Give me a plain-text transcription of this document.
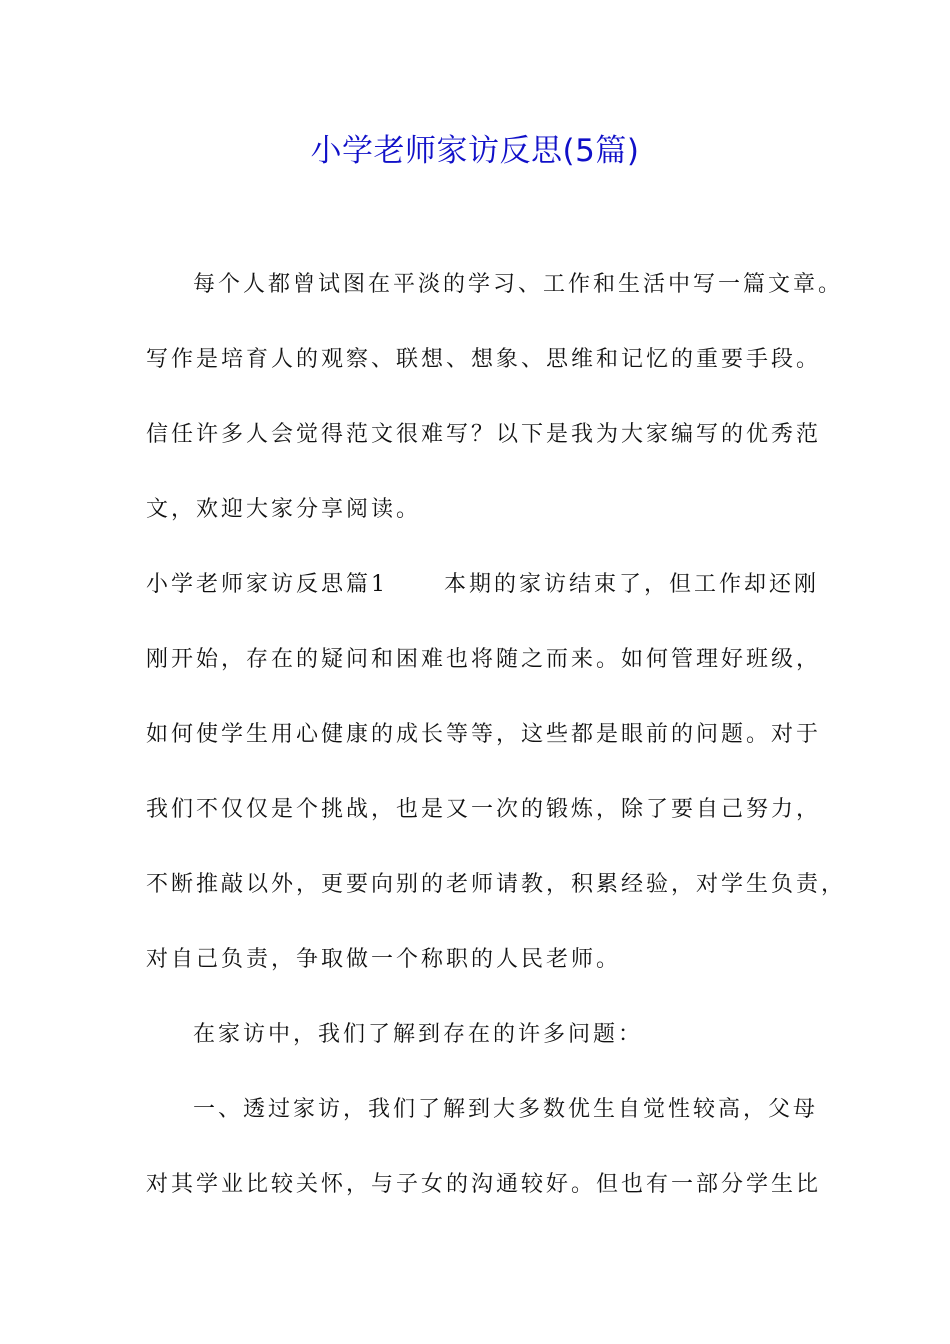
小学老师家访反思(5篇)
每个人都曾试图在平淡的学习、工作和生活中写一篇文章。
写作是培育人的观察、联想、想象、思维和记忆的重要手段。
信任许多人会觉得范文很难写？以下是我为大家编写的优秀范
文，欢迎大家分享阅读。
小学老师家访反思篇1	本期的家访结束了，但工作却还刚
刚开始，存在的疑问和困难也将随之而来。如何管理好班级，
如何使学生用心健康的成长等等，这些都是眼前的问题。对于
我们不仅仅是个挑战，也是又一次的锻炼，除了要自己努力，
不断推敲以外，更要向别的老师请教，积累经验，对学生负责，
对自己负责，争取做一个称职的人民老师。
在家访中，我们了解到存在的许多问题：
一、透过家访，我们了解到大多数优生自觉性较高，父母
对其学业比较关怀，与子女的沟通较好。但也有一部分学生比
